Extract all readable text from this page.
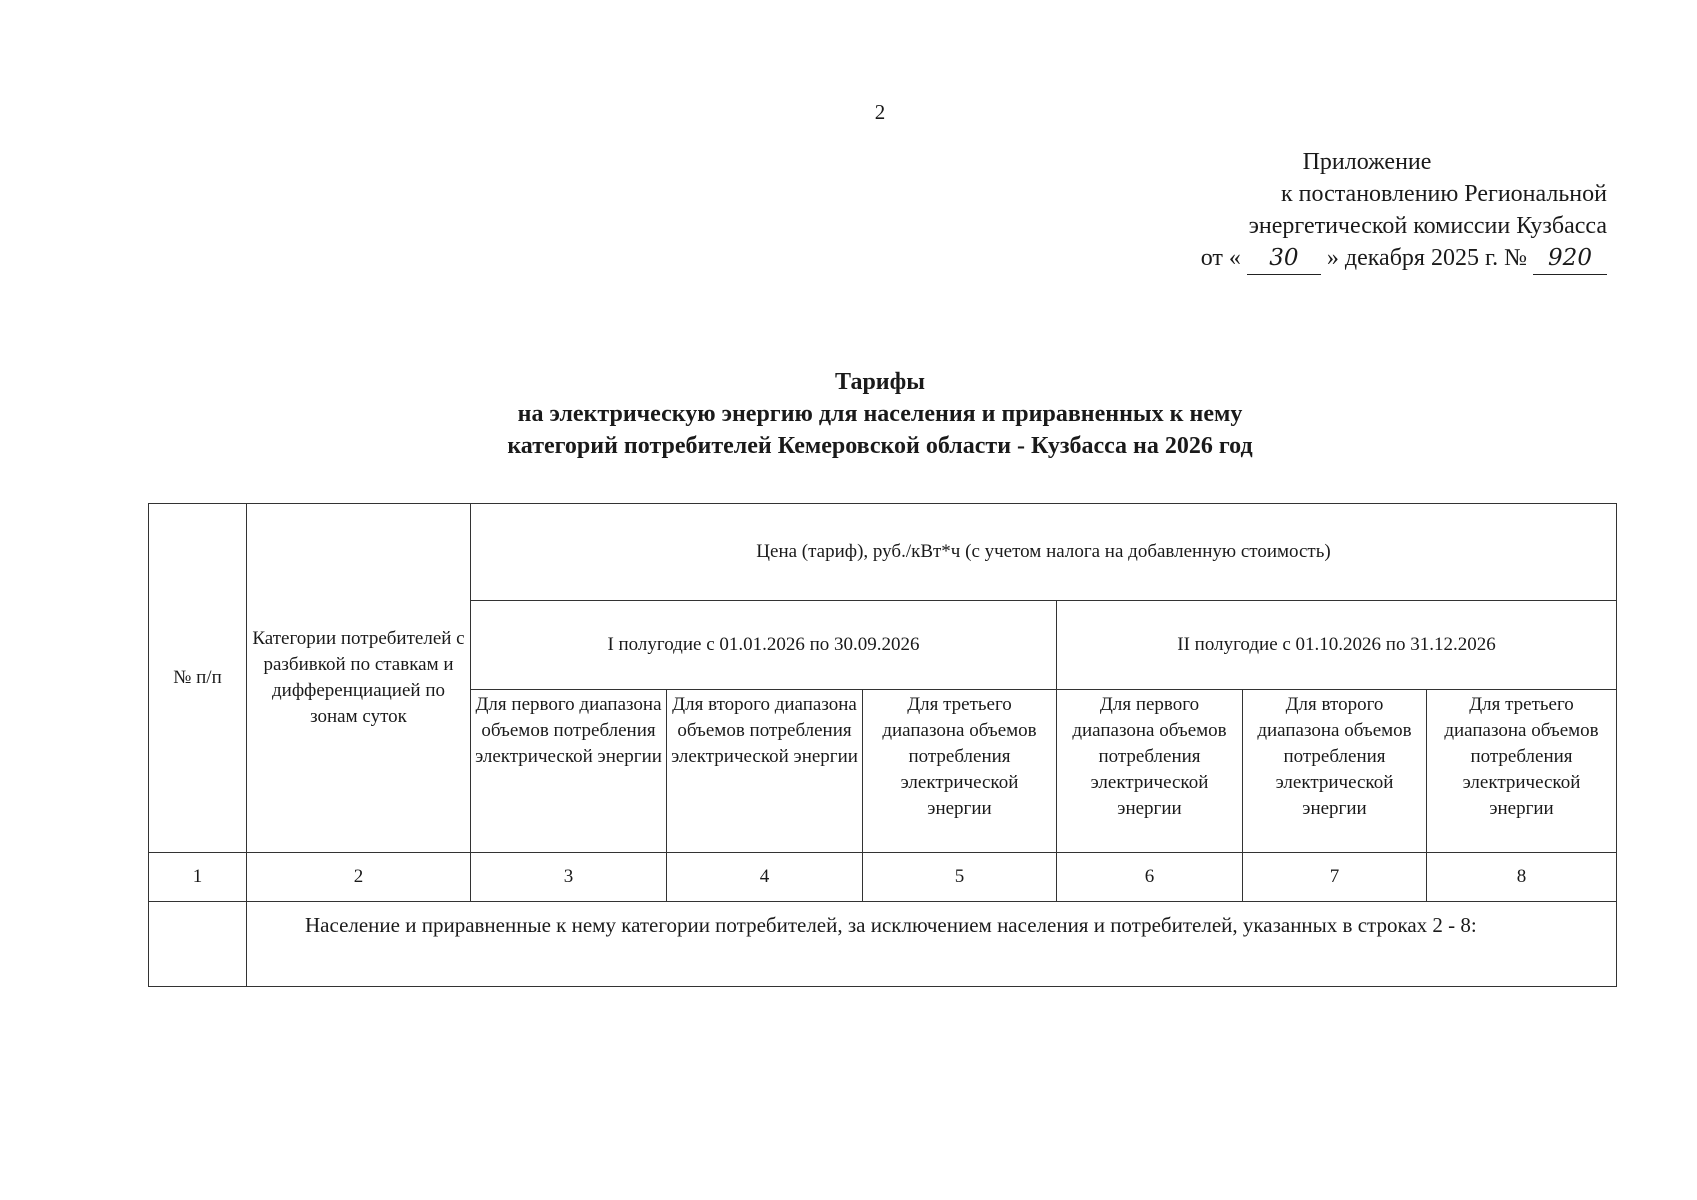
2
Приложение
к постановлению Региональной
энергетической комиссии Кузбасса
от « 30 » декабря 2025 г. № 920
Тарифы
на электрическую энергию для населения и приравненных к нему
категорий потребителей Кемеровской области - Кузбасса на 2026 год
№ п/п	Категории потребителей с разбивкой по ставкам и дифференциацией по зонам суток	Цена (тариф), руб./кВт*ч (с учетом налога на добавленную стоимость)					
		I полугодие с 01.01.2026 по 30.09.2026			II полугодие с 01.10.2026 по 31.12.2026		
		Для первого диапазона объемов потребления электрической энергии	Для второго диапазона объемов потребления электрической энергии	Для третьего диапазона объемов потребления электрической энергии	Для первого диапазона объемов потребления электрической энергии	Для второго диапазона объемов потребления электрической энергии	Для третьего диапазона объемов потребления электрической энергии
1	2	3	4	5	6	7	8
	Население и приравненные к нему категории потребителей, за исключением населения и потребителей, указанных в строках 2 - 8:						
